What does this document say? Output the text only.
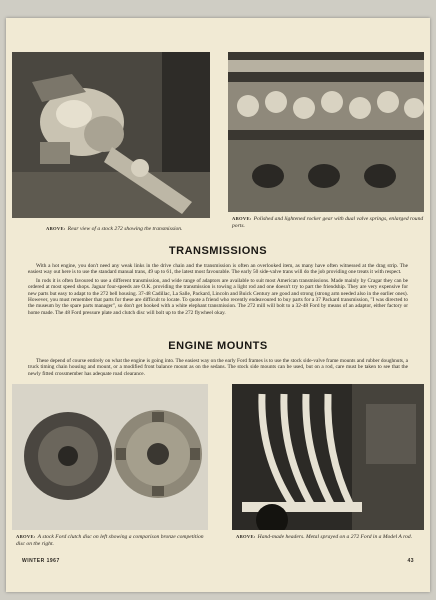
ABOVE: Rear view of a stock 272 showing the transmission.
ABOVE: Polished and lightened rocker gear with dual valve springs, enlarged round ports.
TRANSMISSIONS

With a hot engine, you don't need any weak links in the drive chain and the transmission is often an overlooked item, as many have often witnessed at the drag strip. The easiest way out here is to use the standard manual trans, 49 up to 61, the latest most favourable. The early 50 side-valve trans will do the job providing one treats it with respect.

In rods it is often favoured to use a different transmission, and wide range of adaptors are available to suit most American transmissions. Made mainly by Cragar they can be ordered at most speed shops. Jaguar four-speeds are O.K. providing the transmission is towing a light rod and one doesn't try to part the friendship. They are very expensive for new parts but easy to adapt to the 272 bell housing. 37-48 Cadillac, La Salle, Packard, Lincoln and Buick Century are good and strong (strong arm needed also in the earlier ones). However, you must remember that parts for these are difficult to locate. To quote a friend who recently endeavoured to buy parts for a 37 Packard transmission, "I was directed to the museum by the spare parts manager", so don't get hooked with a white elephant transmission. The 272 mill will bolt to a 32-48 Ford by means of an adaptor, either factory or home made. The 48 Ford pressure plate and clutch disc will bolt up to the 272 flywheel okay.

ENGINE MOUNTS

These depend of course entirely on what the engine is going into. The easiest way on the early Ford frames is to use the stock side-valve frame mounts and rubber doughnuts, a truck timing chain housing and mount, or a modified front balance mount as on the sedans. The stock side mounts can be used, but on a rod, care must be taken to see that the newly fitted crossmember has adequate road clearance.

ABOVE: A stock Ford clutch disc on left showing a comparison bronze competition disc on the right.
ABOVE: Hand-made headers. Metal sprayed on a 272 Ford in a Model A rod.
WINTER 1967	43
